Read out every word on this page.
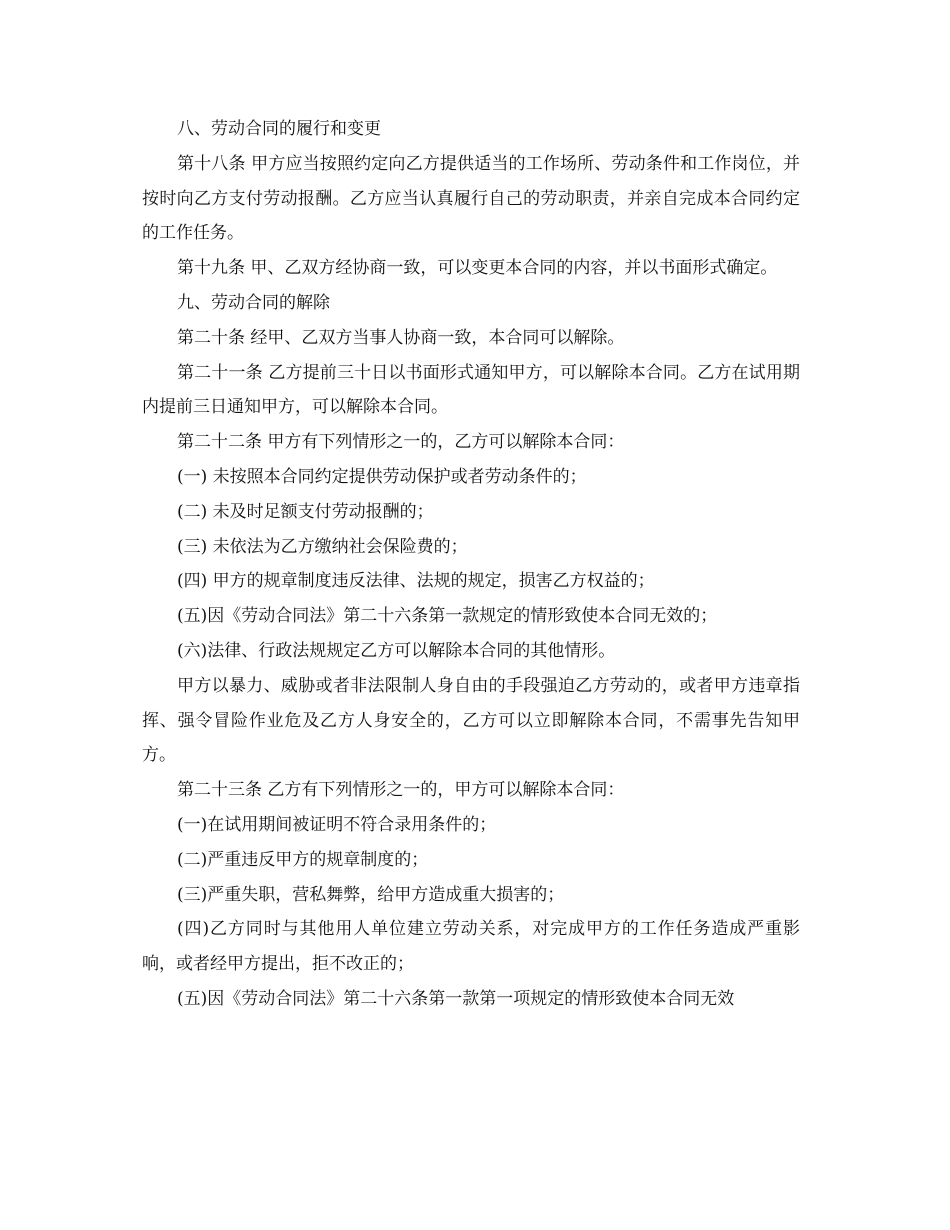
八、劳动合同的履行和变更

第十八条 甲方应当按照约定向乙方提供适当的工作场所、劳动条件和工作岗位，并按时向乙方支付劳动报酬。乙方应当认真履行自己的劳动职责，并亲自完成本合同约定的工作任务。

第十九条 甲、乙双方经协商一致，可以变更本合同的内容，并以书面形式确定。

九、劳动合同的解除

第二十条 经甲、乙双方当事人协商一致，本合同可以解除。

第二十一条 乙方提前三十日以书面形式通知甲方，可以解除本合同。乙方在试用期内提前三日通知甲方，可以解除本合同。

第二十二条 甲方有下列情形之一的，乙方可以解除本合同：

(一) 未按照本合同约定提供劳动保护或者劳动条件的；

(二) 未及时足额支付劳动报酬的；

(三) 未依法为乙方缴纳社会保险费的；

(四) 甲方的规章制度违反法律、法规的规定，损害乙方权益的；

(五)因《劳动合同法》第二十六条第一款规定的情形致使本合同无效的；

(六)法律、行政法规规定乙方可以解除本合同的其他情形。

甲方以暴力、威胁或者非法限制人身自由的手段强迫乙方劳动的，或者甲方违章指挥、强令冒险作业危及乙方人身安全的，乙方可以立即解除本合同，不需事先告知甲方。

第二十三条 乙方有下列情形之一的，甲方可以解除本合同：

(一)在试用期间被证明不符合录用条件的；

(二)严重违反甲方的规章制度的；

(三)严重失职，营私舞弊，给甲方造成重大损害的；

(四)乙方同时与其他用人单位建立劳动关系，对完成甲方的工作任务造成严重影响，或者经甲方提出，拒不改正的；

(五)因《劳动合同法》第二十六条第一款第一项规定的情形致使本合同无效
